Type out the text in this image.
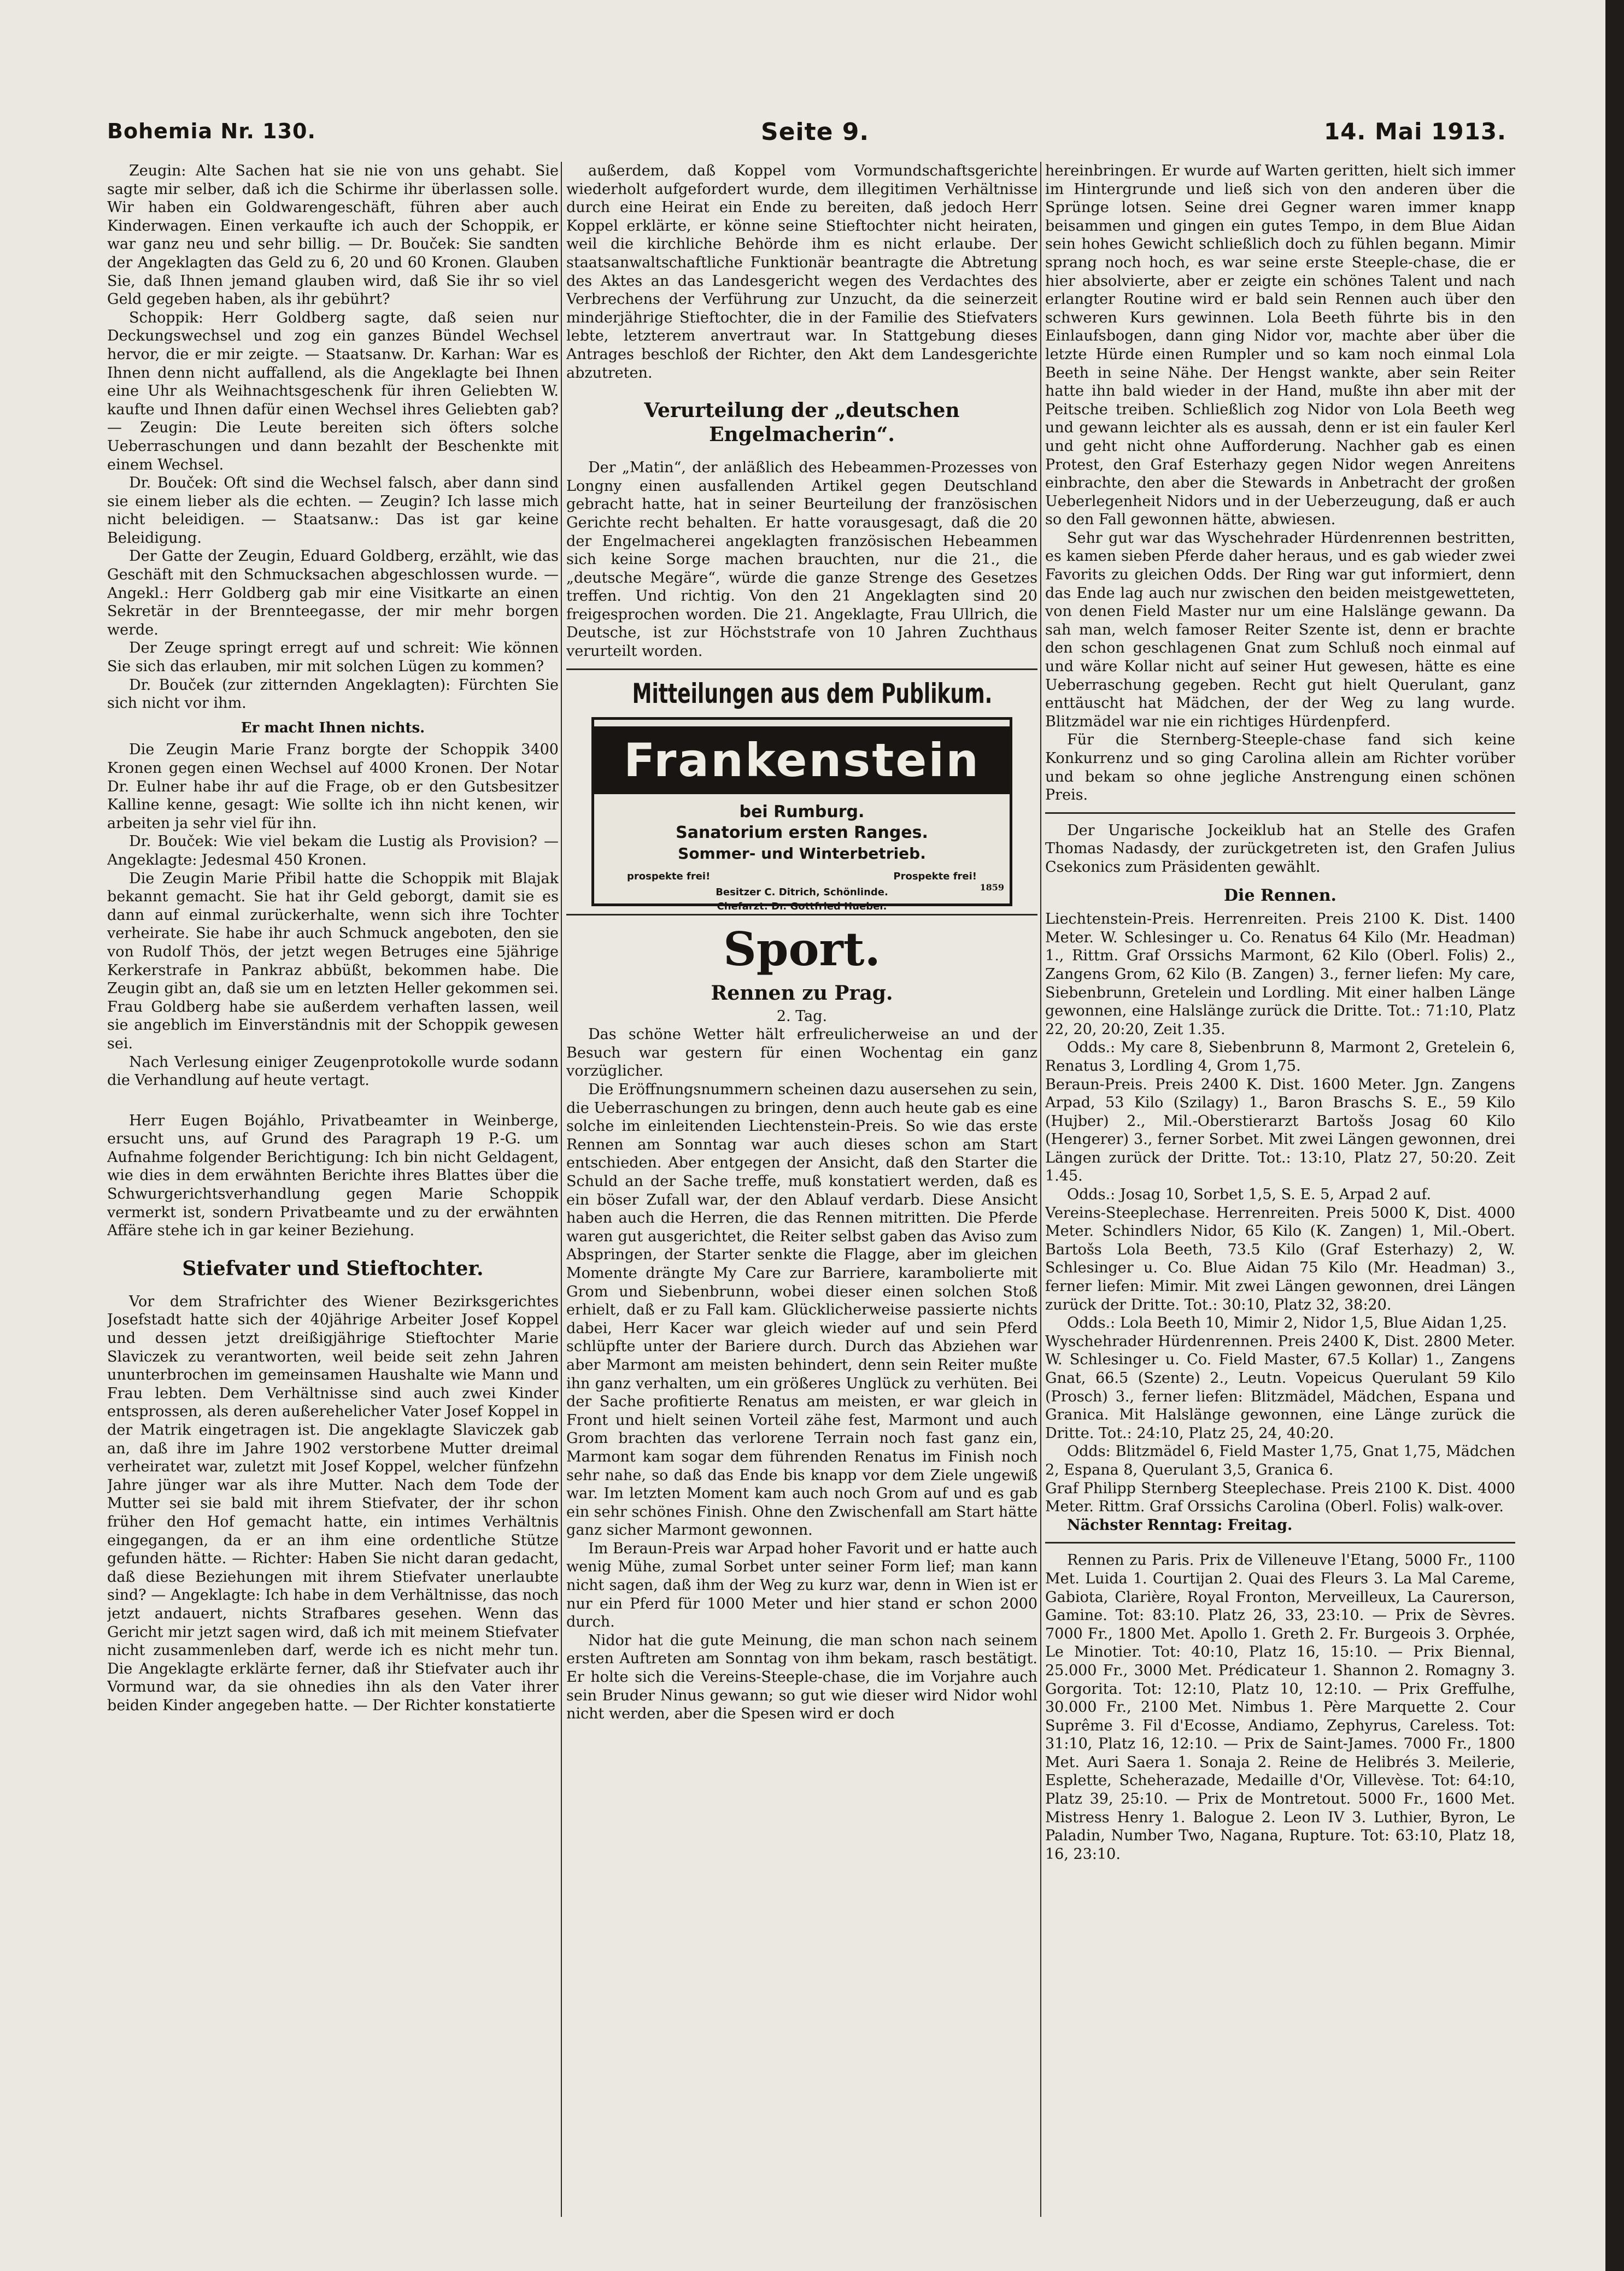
Bohemia Nr. 130.	Seite 9.	14. Mai 1913.

Zeugin: Alte Sachen hat sie nie von uns gehabt. Sie sagte mir selber, daß ich die Schirme ihr überlassen solle. Wir haben ein Goldwarengeschäft, führen aber auch Kinderwagen. Einen verkaufte ich auch der Schoppik, er war ganz neu und sehr billig. — Dr. Bouček: Sie sandten der Angeklagten das Geld zu 6, 20 und 60 Kronen. Glauben Sie, daß Ihnen jemand glauben wird, daß Sie ihr so viel Geld gegeben haben, als ihr gebührt?

Schoppik: Herr Goldberg sagte, daß seien nur Deckungswechsel und zog ein ganzes Bündel Wechsel hervor, die er mir zeigte. — Staatsanw. Dr. Karhan: War es Ihnen denn nicht auffallend, als die Angeklagte bei Ihnen eine Uhr als Weihnachtsgeschenk für ihren Geliebten W. kaufte und Ihnen dafür einen Wechsel ihres Geliebten gab? — Zeugin: Die Leute bereiten sich öfters solche Ueberraschungen und dann bezahlt der Beschenkte mit einem Wechsel.

Dr. Bouček: Oft sind die Wechsel falsch, aber dann sind sie einem lieber als die echten. — Zeugin? Ich lasse mich nicht beleidigen. — Staatsanw.: Das ist gar keine Beleidigung.

Der Gatte der Zeugin, Eduard Goldberg, erzählt, wie das Geschäft mit den Schmucksachen abgeschlossen wurde. — Angekl.: Herr Goldberg gab mir eine Visitkarte an einen Sekretär in der Brennteegasse, der mir mehr borgen werde.

Der Zeuge springt erregt auf und schreit: Wie können Sie sich das erlauben, mir mit solchen Lügen zu kommen?

Dr. Bouček (zur zitternden Angeklagten): Fürchten Sie sich nicht vor ihm.

Er macht Ihnen nichts.

Die Zeugin Marie Franz borgte der Schoppik 3400 Kronen gegen einen Wechsel auf 4000 Kronen. Der Notar Dr. Eulner habe ihr auf die Frage, ob er den Gutsbesitzer Kalline kenne, gesagt: Wie sollte ich ihn nicht kenen, wir arbeiten ja sehr viel für ihn.

Dr. Bouček: Wie viel bekam die Lustig als Provision? — Angeklagte: Jedesmal 450 Kronen.

Die Zeugin Marie Přibil hatte die Schoppik mit Blajak bekannt gemacht. Sie hat ihr Geld geborgt, damit sie es dann auf einmal zurückerhalte, wenn sich ihre Tochter verheirate. Sie habe ihr auch Schmuck angeboten, den sie von Rudolf Thös, der jetzt wegen Betruges eine 5jährige Kerkerstrafe in Pankraz abbüßt, bekommen habe. Die Zeugin gibt an, daß sie um en letzten Heller gekommen sei. Frau Goldberg habe sie außerdem verhaften lassen, weil sie angeblich im Einverständnis mit der Schoppik gewesen sei.

Nach Verlesung einiger Zeugenprotokolle wurde sodann die Verhandlung auf heute vertagt.

Herr Eugen Bojáhlo, Privatbeamter in Weinberge, ersucht uns, auf Grund des Paragraph 19 P.-G. um Aufnahme folgender Berichtigung: Ich bin nicht Geldagent, wie dies in dem erwähnten Berichte ihres Blattes über die Schwurgerichtsverhandlung gegen Marie Schoppik vermerkt ist, sondern Privatbeamte und zu der erwähnten Affäre stehe ich in gar keiner Beziehung.

Stiefvater und Stieftochter.

Vor dem Strafrichter des Wiener Bezirksgerichtes Josefstadt hatte sich der 40jährige Arbeiter Josef Koppel und dessen jetzt dreißigjährige Stieftochter Marie Slaviczek zu verantworten, weil beide seit zehn Jahren ununterbrochen im gemeinsamen Haushalte wie Mann und Frau lebten. Dem Verhältnisse sind auch zwei Kinder entsprossen, als deren außerehelicher Vater Josef Koppel in der Matrik eingetragen ist. Die angeklagte Slaviczek gab an, daß ihre im Jahre 1902 verstorbene Mutter dreimal verheiratet war, zuletzt mit Josef Koppel, welcher fünfzehn Jahre jünger war als ihre Mutter. Nach dem Tode der Mutter sei sie bald mit ihrem Stiefvater, der ihr schon früher den Hof gemacht hatte, ein intimes Verhältnis eingegangen, da er an ihm eine ordentliche Stütze gefunden hätte. — Richter: Haben Sie nicht daran gedacht, daß diese Beziehungen mit ihrem Stiefvater unerlaubte sind? — Angeklagte: Ich habe in dem Verhältnisse, das noch jetzt andauert, nichts Strafbares gesehen. Wenn das Gericht mir jetzt sagen wird, daß ich mit meinem Stiefvater nicht zusammenleben darf, werde ich es nicht mehr tun. Die Angeklagte erklärte ferner, daß ihr Stiefvater auch ihr Vormund war, da sie ohnedies ihn als den Vater ihrer beiden Kinder angegeben hatte. — Der Richter konstatierte

außerdem, daß Koppel vom Vormundschaftsgerichte wiederholt aufgefordert wurde, dem illegitimen Verhältnisse durch eine Heirat ein Ende zu bereiten, daß jedoch Herr Koppel erklärte, er könne seine Stieftochter nicht heiraten, weil die kirchliche Behörde ihm es nicht erlaube. Der staatsanwaltschaftliche Funktionär beantragte die Abtretung des Aktes an das Landesgericht wegen des Verdachtes des Verbrechens der Verführung zur Unzucht, da die seinerzeit minderjährige Stieftochter, die in der Familie des Stiefvaters lebte, letzterem anvertraut war. In Stattgebung dieses Antrages beschloß der Richter, den Akt dem Landesgerichte abzutreten.

Verurteilung der „deutschen Engelmacherin“.

Der „Matin“, der anläßlich des Hebeammen-Prozesses von Longny einen ausfallenden Artikel gegen Deutschland gebracht hatte, hat in seiner Beurteilung der französischen Gerichte recht behalten. Er hatte vorausgesagt, daß die 20 der Engelmacherei angeklagten französischen Hebeammen sich keine Sorge machen brauchten, nur die 21., die „deutsche Megäre“, würde die ganze Strenge des Gesetzes treffen. Und richtig. Von den 21 Angeklagten sind 20 freigesprochen worden. Die 21. Angeklagte, Frau Ullrich, die Deutsche, ist zur Höchststrafe von 10 Jahren Zuchthaus verurteilt worden.

Mitteilungen aus dem Publikum.
Frankenstein
bei Rumburg.
Sanatorium ersten Ranges.
Sommer- und Winterbetrieb.
prospekte frei!	Prospekte frei!
Besitzer C. Ditrich, Schönlinde.
Chefarzt: Dr. Gottfried Hueber.
1859

Sport.

Rennen zu Prag.

2. Tag.

Das schöne Wetter hält erfreulicherweise an und der Besuch war gestern für einen Wochentag ein ganz vorzüglicher.

Die Eröffnungsnummern scheinen dazu ausersehen zu sein, die Ueberraschungen zu bringen, denn auch heute gab es eine solche im einleitenden Liechtenstein-Preis. So wie das erste Rennen am Sonntag war auch dieses schon am Start entschieden. Aber entgegen der Ansicht, daß den Starter die Schuld an der Sache treffe, muß konstatiert werden, daß es ein böser Zufall war, der den Ablauf verdarb. Diese Ansicht haben auch die Herren, die das Rennen mitritten. Die Pferde waren gut ausgerichtet, die Reiter selbst gaben das Aviso zum Abspringen, der Starter senkte die Flagge, aber im gleichen Momente drängte My Care zur Barriere, karambolierte mit Grom und Siebenbrunn, wobei dieser einen solchen Stoß erhielt, daß er zu Fall kam. Glücklicherweise passierte nichts dabei, Herr Kacer war gleich wieder auf und sein Pferd schlüpfte unter der Bariere durch. Durch das Abziehen war aber Marmont am meisten behindert, denn sein Reiter mußte ihn ganz verhalten, um ein größeres Unglück zu verhüten. Bei der Sache profitierte Renatus am meisten, er war gleich in Front und hielt seinen Vorteil zähe fest, Marmont und auch Grom brachten das verlorene Terrain noch fast ganz ein, Marmont kam sogar dem führenden Renatus im Finish noch sehr nahe, so daß das Ende bis knapp vor dem Ziele ungewiß war. Im letzten Moment kam auch noch Grom auf und es gab ein sehr schönes Finish. Ohne den Zwischenfall am Start hätte ganz sicher Marmont gewonnen.

Im Beraun-Preis war Arpad hoher Favorit und er hatte auch wenig Mühe, zumal Sorbet unter seiner Form lief; man kann nicht sagen, daß ihm der Weg zu kurz war, denn in Wien ist er nur ein Pferd für 1000 Meter und hier stand er schon 2000 durch.

Nidor hat die gute Meinung, die man schon nach seinem ersten Auftreten am Sonntag von ihm bekam, rasch bestätigt. Er holte sich die Vereins-Steeple-chase, die im Vorjahre auch sein Bruder Ninus gewann; so gut wie dieser wird Nidor wohl nicht werden, aber die Spesen wird er doch

hereinbringen. Er wurde auf Warten geritten, hielt sich immer im Hintergrunde und ließ sich von den anderen über die Sprünge lotsen. Seine drei Gegner waren immer knapp beisammen und gingen ein gutes Tempo, in dem Blue Aidan sein hohes Gewicht schließlich doch zu fühlen begann. Mimir sprang noch hoch, es war seine erste Steeple-chase, die er hier absolvierte, aber er zeigte ein schönes Talent und nach erlangter Routine wird er bald sein Rennen auch über den schweren Kurs gewinnen. Lola Beeth führte bis in den Einlaufsbogen, dann ging Nidor vor, machte aber über die letzte Hürde einen Rumpler und so kam noch einmal Lola Beeth in seine Nähe. Der Hengst wankte, aber sein Reiter hatte ihn bald wieder in der Hand, mußte ihn aber mit der Peitsche treiben. Schließlich zog Nidor von Lola Beeth weg und gewann leichter als es aussah, denn er ist ein fauler Kerl und geht nicht ohne Aufforderung. Nachher gab es einen Protest, den Graf Esterhazy gegen Nidor wegen Anreitens einbrachte, den aber die Stewards in Anbetracht der großen Ueberlegenheit Nidors und in der Ueberzeugung, daß er auch so den Fall gewonnen hätte, abwiesen.

Sehr gut war das Wyschehrader Hürdenrennen bestritten, es kamen sieben Pferde daher heraus, und es gab wieder zwei Favorits zu gleichen Odds. Der Ring war gut informiert, denn das Ende lag auch nur zwischen den beiden meistgewetteten, von denen Field Master nur um eine Halslänge gewann. Da sah man, welch famoser Reiter Szente ist, denn er brachte den schon geschlagenen Gnat zum Schluß noch einmal auf und wäre Kollar nicht auf seiner Hut gewesen, hätte es eine Ueberraschung gegeben. Recht gut hielt Querulant, ganz enttäuscht hat Mädchen, der der Weg zu lang wurde. Blitzmädel war nie ein richtiges Hürdenpferd.

Für die Sternberg-Steeple-chase fand sich keine Konkurrenz und so ging Carolina allein am Richter vorüber und bekam so ohne jegliche Anstrengung einen schönen Preis.

Der Ungarische Jockeiklub hat an Stelle des Grafen Thomas Nadasdy, der zurückgetreten ist, den Grafen Julius Csekonics zum Präsidenten gewählt.

Die Rennen.

Liechtenstein-Preis. Herrenreiten. Preis 2100 K. Dist. 1400 Meter. W. Schlesinger u. Co. Renatus 64 Kilo (Mr. Headman) 1., Rittm. Graf Orssichs Marmont, 62 Kilo (Oberl. Folis) 2., Zangens Grom, 62 Kilo (B. Zangen) 3., ferner liefen: My care, Siebenbrunn, Gretelein und Lordling. Mit einer halben Länge gewonnen, eine Halslänge zurück die Dritte. Tot.: 71:10, Platz 22, 20, 20:20, Zeit 1.35.

Odds.: My care 8, Siebenbrunn 8, Marmont 2, Gretelein 6, Renatus 3, Lordling 4, Grom 1,75.

Beraun-Preis. Preis 2400 K. Dist. 1600 Meter. Jgn. Zangens Arpad, 53 Kilo (Szilagy) 1., Baron Braschs S. E., 59 Kilo (Hujber) 2., Mil.-Oberstierarzt Bartošs Josag 60 Kilo (Hengerer) 3., ferner Sorbet. Mit zwei Längen gewonnen, drei Längen zurück der Dritte. Tot.: 13:10, Platz 27, 50:20. Zeit 1.45.

Odds.: Josag 10, Sorbet 1,5, S. E. 5, Arpad 2 auf.

Vereins-Steeplechase. Herrenreiten. Preis 5000 K, Dist. 4000 Meter. Schindlers Nidor, 65 Kilo (K. Zangen) 1, Mil.-Obert. Bartošs Lola Beeth, 73.5 Kilo (Graf Esterhazy) 2, W. Schlesinger u. Co. Blue Aidan 75 Kilo (Mr. Headman) 3., ferner liefen: Mimir. Mit zwei Längen gewonnen, drei Längen zurück der Dritte. Tot.: 30:10, Platz 32, 38:20.

Odds.: Lola Beeth 10, Mimir 2, Nidor 1,5, Blue Aidan 1,25.

Wyschehrader Hürdenrennen. Preis 2400 K, Dist. 2800 Meter. W. Schlesinger u. Co. Field Master, 67.5 Kollar) 1., Zangens Gnat, 66.5 (Szente) 2., Leutn. Vopeicus Querulant 59 Kilo (Prosch) 3., ferner liefen: Blitzmädel, Mädchen, Espana und Granica. Mit Halslänge gewonnen, eine Länge zurück die Dritte. Tot.: 24:10, Platz 25, 24, 40:20.

Odds: Blitzmädel 6, Field Master 1,75, Gnat 1,75, Mädchen 2, Espana 8, Querulant 3,5, Granica 6.

Graf Philipp Sternberg Steeplechase. Preis 2100 K. Dist. 4000 Meter. Rittm. Graf Orssichs Carolina (Oberl. Folis) walk-over.

Nächster Renntag: Freitag.

Rennen zu Paris. Prix de Villeneuve l'Etang, 5000 Fr., 1100 Met. Luida 1. Courtijan 2. Quai des Fleurs 3. La Mal Careme, Gabiota, Clarière, Royal Fronton, Merveilleux, La Caurerson, Gamine. Tot: 83:10. Platz 26, 33, 23:10. — Prix de Sèvres. 7000 Fr., 1800 Met. Apollo 1. Greth 2. Fr. Burgeois 3. Orphée, Le Minotier. Tot: 40:10, Platz 16, 15:10. — Prix Biennal, 25.000 Fr., 3000 Met. Prédicateur 1. Shannon 2. Romagny 3. Gorgorita. Tot: 12:10, Platz 10, 12:10. — Prix Greffulhe, 30.000 Fr., 2100 Met. Nimbus 1. Père Marquette 2. Cour Suprême 3. Fil d'Ecosse, Andiamo, Zephyrus, Careless. Tot: 31:10, Platz 16, 12:10. — Prix de Saint-James. 7000 Fr., 1800 Met. Auri Saera 1. Sonaja 2. Reine de Helibrés 3. Meilerie, Esplette, Scheherazade, Medaille d'Or, Villevèse. Tot: 64:10, Platz 39, 25:10. — Prix de Montretout. 5000 Fr., 1600 Met. Mistress Henry 1. Balogue 2. Leon IV 3. Luthier, Byron, Le Paladin, Number Two, Nagana, Rupture. Tot: 63:10, Platz 18, 16, 23:10.
